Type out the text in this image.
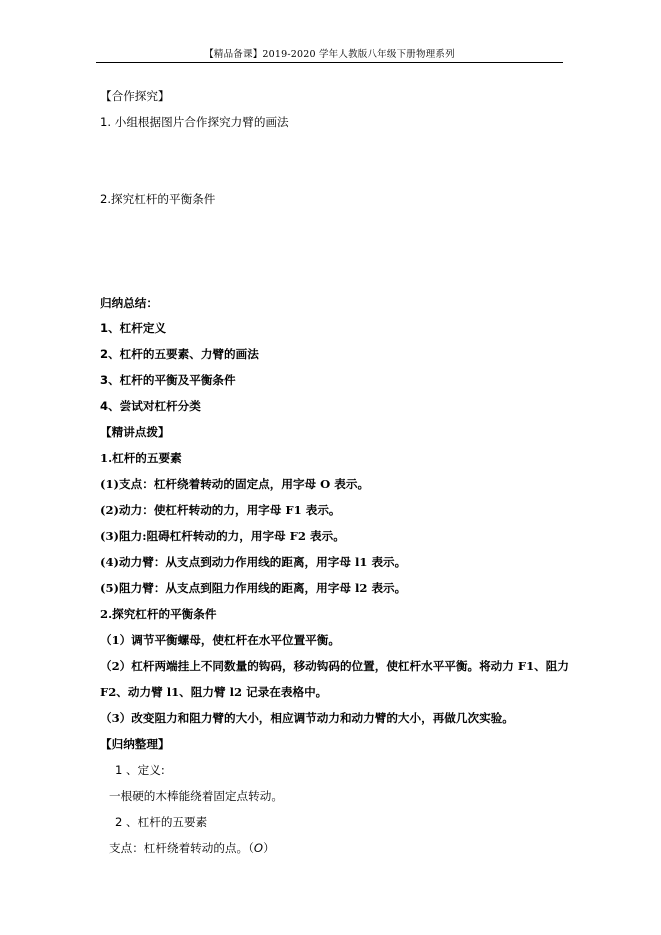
【精品备课】2019-2020 学年人教版八年级下册物理系列
【合作探究】
1. 小组根据图片合作探究力臂的画法
2.探究杠杆的平衡条件
归纳总结：
1、杠杆定义
2、杠杆的五要素、力臂的画法
3、杠杆的平衡及平衡条件
4、尝试对杠杆分类
【精讲点拨】
1.杠杆的五要素
(1)支点：杠杆绕着转动的固定点，用字母 O 表示。
(2)动力：使杠杆转动的力，用字母 F1 表示。
(3)阻力:阻碍杠杆转动的力，用字母 F2 表示。
(4)动力臂：从支点到动力作用线的距离，用字母 l1 表示。
(5)阻力臂：从支点到阻力作用线的距离，用字母 l2 表示。
2.探究杠杆的平衡条件
（1）调节平衡螺母，使杠杆在水平位置平衡。
（2）杠杆两端挂上不同数量的钩码，移动钩码的位置，使杠杆水平平衡。将动力 F1、阻力
F2、动力臂 l1、阻力臂 l2 记录在表格中。
（3）改变阻力和阻力臂的大小，相应调节动力和动力臂的大小，再做几次实验。
【归纳整理】
1 、定义:
一根硬的木棒能绕着固定点转动。
2 、杠杆的五要素
支点：杠杆绕着转动的点。（O）
